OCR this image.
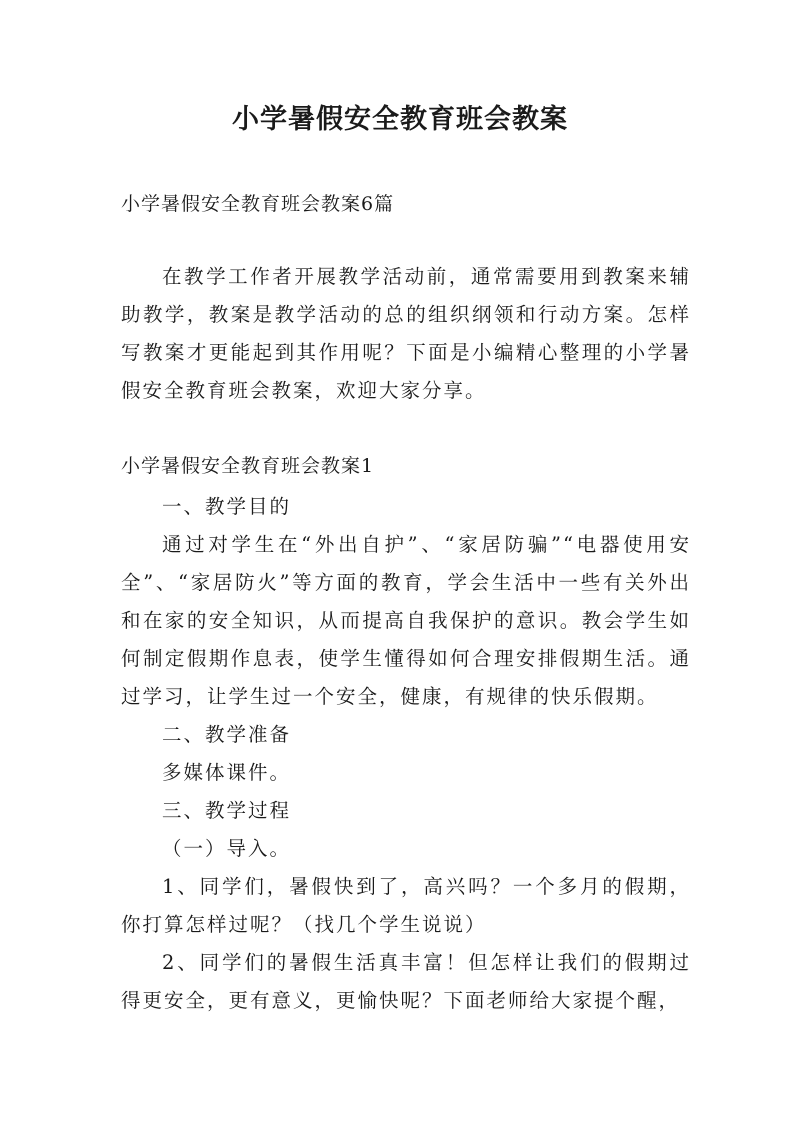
小学暑假安全教育班会教案
小学暑假安全教育班会教案6篇
在教学工作者开展教学活动前，通常需要用到教案来辅助教学，教案是教学活动的总的组织纲领和行动方案。怎样写教案才更能起到其作用呢？下面是小编精心整理的小学暑假安全教育班会教案，欢迎大家分享。
小学暑假安全教育班会教案1

一、教学目的

通过对学生在“外出自护”、“家居防骗”“电器使用安全”、“家居防火”等方面的教育，学会生活中一些有关外出和在家的安全知识，从而提高自我保护的意识。教会学生如何制定假期作息表，使学生懂得如何合理安排假期生活。通过学习，让学生过一个安全，健康，有规律的快乐假期。

二、教学准备

多媒体课件。

三、教学过程

（一）导入。

1、同学们，暑假快到了，高兴吗？一个多月的假期，你打算怎样过呢？（找几个学生说说）

2、同学们的暑假生活真丰富！但怎样让我们的假期过得更安全，更有意义，更愉快呢？下面老师给大家提个醒，
